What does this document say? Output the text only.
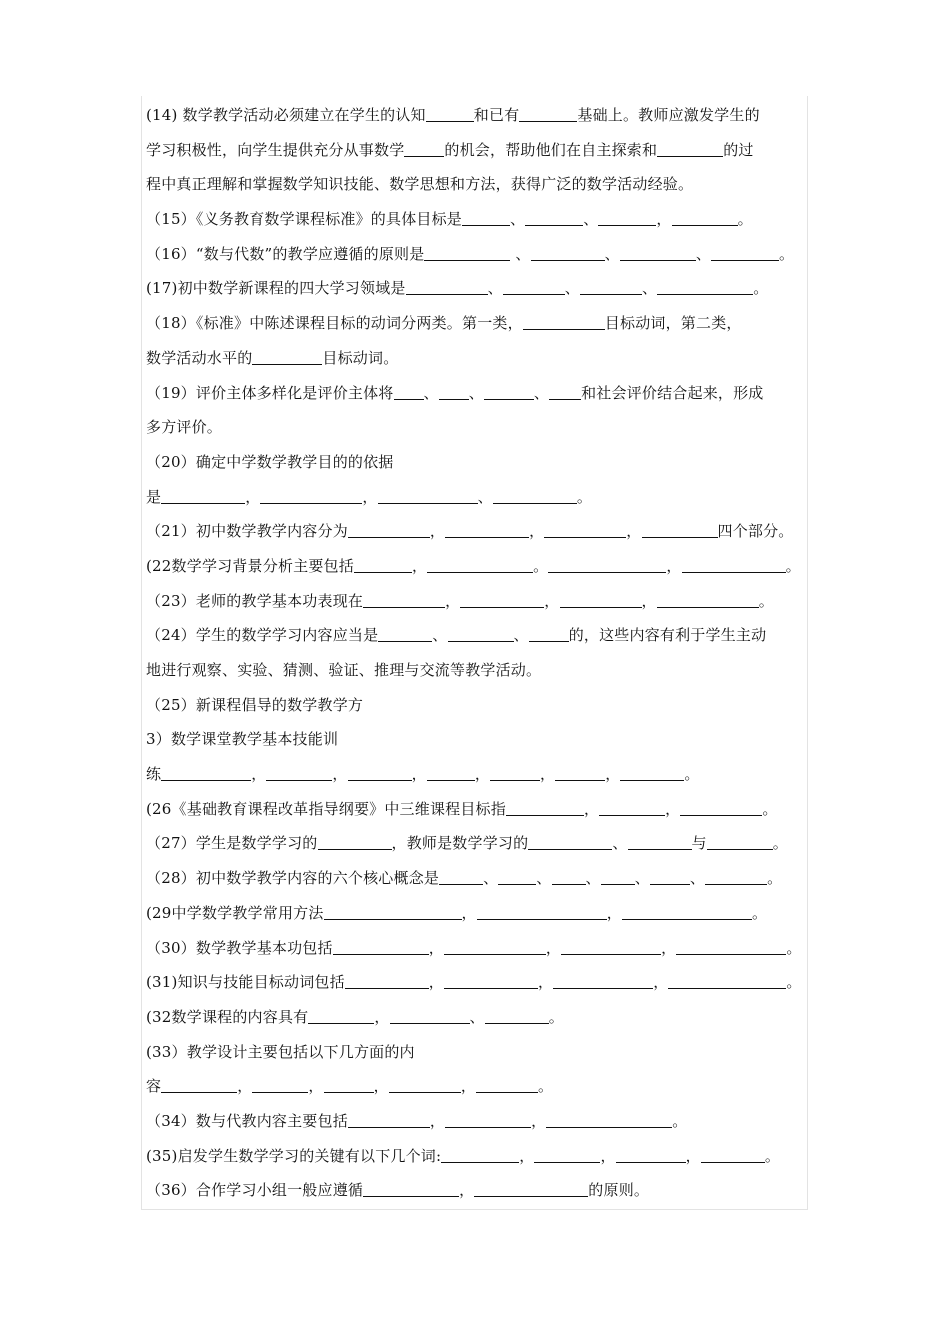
(14) 数学教学活动必须建立在学生的认知	和已有	基础上。教师应激发学生的
学习积极性，向学生提供充分从事数学	的机会，帮助他们在自主探索和	的过
程中真正理解和掌握数学知识技能、数学思想和方法，获得广泛的数学活动经验。
（15）《义务教育数学课程标准》的具体目标是	、	、	，	。
（16）“数与代数”的教学应遵循的原则是	、	、	、	。
(17)初中数学新课程的四大学习领域是	、	、	、	。
（18）《标准》中陈述课程目标的动词分两类。第一类，	目标动词，第二类，
数学活动水平的	目标动词。
（19）评价主体多样化是评价主体将 、 、	、 和社会评价结合起来，形成
多方评价。
（20）确定中学数学教学目的的依据
是	，	，	、	。
（21）初中数学教学内容分为	，	，	，	四个部分。
(22数学学习背景分析主要包括	，	。	，	。
（23）老师的教学基本功表现在	，	，	，	。
（24）学生的数学学习内容应当是	、	、	的，这些内容有利于学生主动
地进行观察、实验、猜测、验证、推理与交流等教学活动。
（25）新课程倡导的数学教学方
3）数学课堂教学基本技能训
练	，	，	，	，	，	，	。
(26《基础教育课程改革指导纲要》中三维课程目标指	，	，	。
（27）学生是数学学习的	，教师是数学学习的	、	与	。
（28）初中数学教学内容的六个核心概念是	、	、 、 、	、	。
(29中学数学教学常用方法	，	，	。
（30）数学教学基本功包括	，	，	，	。
(31)知识与技能目标动词包括	，	，	，	。
(32数学课程的内容具有	，	、	。
(33）教学设计主要包括以下几方面的内
容	，	，	，	，	。
（34）数与代教内容主要包括	，	，	。
(35)启发学生数学学习的关键有以下几个词:	，	，	，	。
（36）合作学习小组一般应遵循	，	的原则。
